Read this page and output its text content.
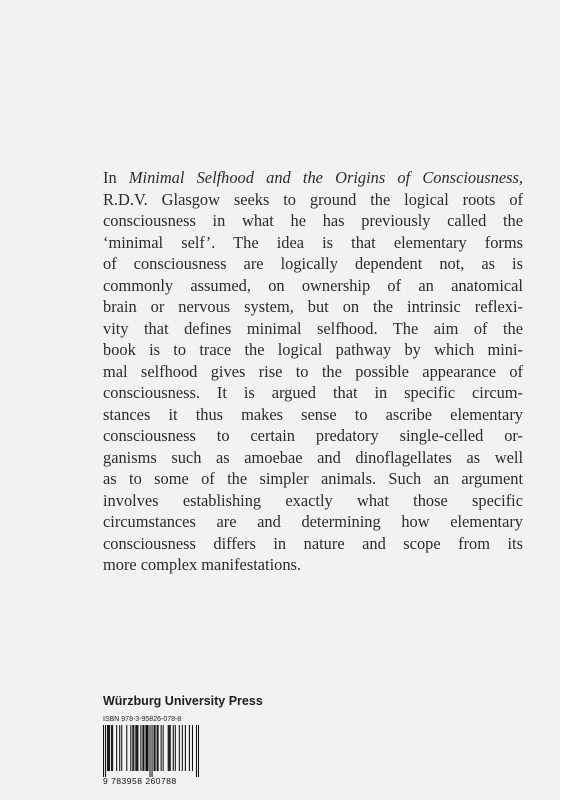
In Minimal Selfhood and the Origins of Consciousness,
R.D.V. Glasgow seeks to ground the logical roots of
consciousness in what he has previously called the
‘minimal self’. The idea is that elementary forms
of consciousness are logically dependent not, as is
commonly assumed, on ownership of an anatomical
brain or nervous system, but on the intrinsic reflexi-
vity that defines minimal selfhood. The aim of the
book is to trace the logical pathway by which mini-
mal selfhood gives rise to the possible appearance of
consciousness. It is argued that in specific circum-
stances it thus makes sense to ascribe elementary
consciousness to certain predatory single-celled or-
ganisms such as amoebae and dinoflagellates as well
as to some of the simpler animals. Such an argument
involves establishing exactly what those specific
circumstances are and determining how elementary
consciousness differs in nature and scope from its
more complex manifestations.
Würzburg University Press
ISBN 978-3-95826-078-8
9 783958 260788
